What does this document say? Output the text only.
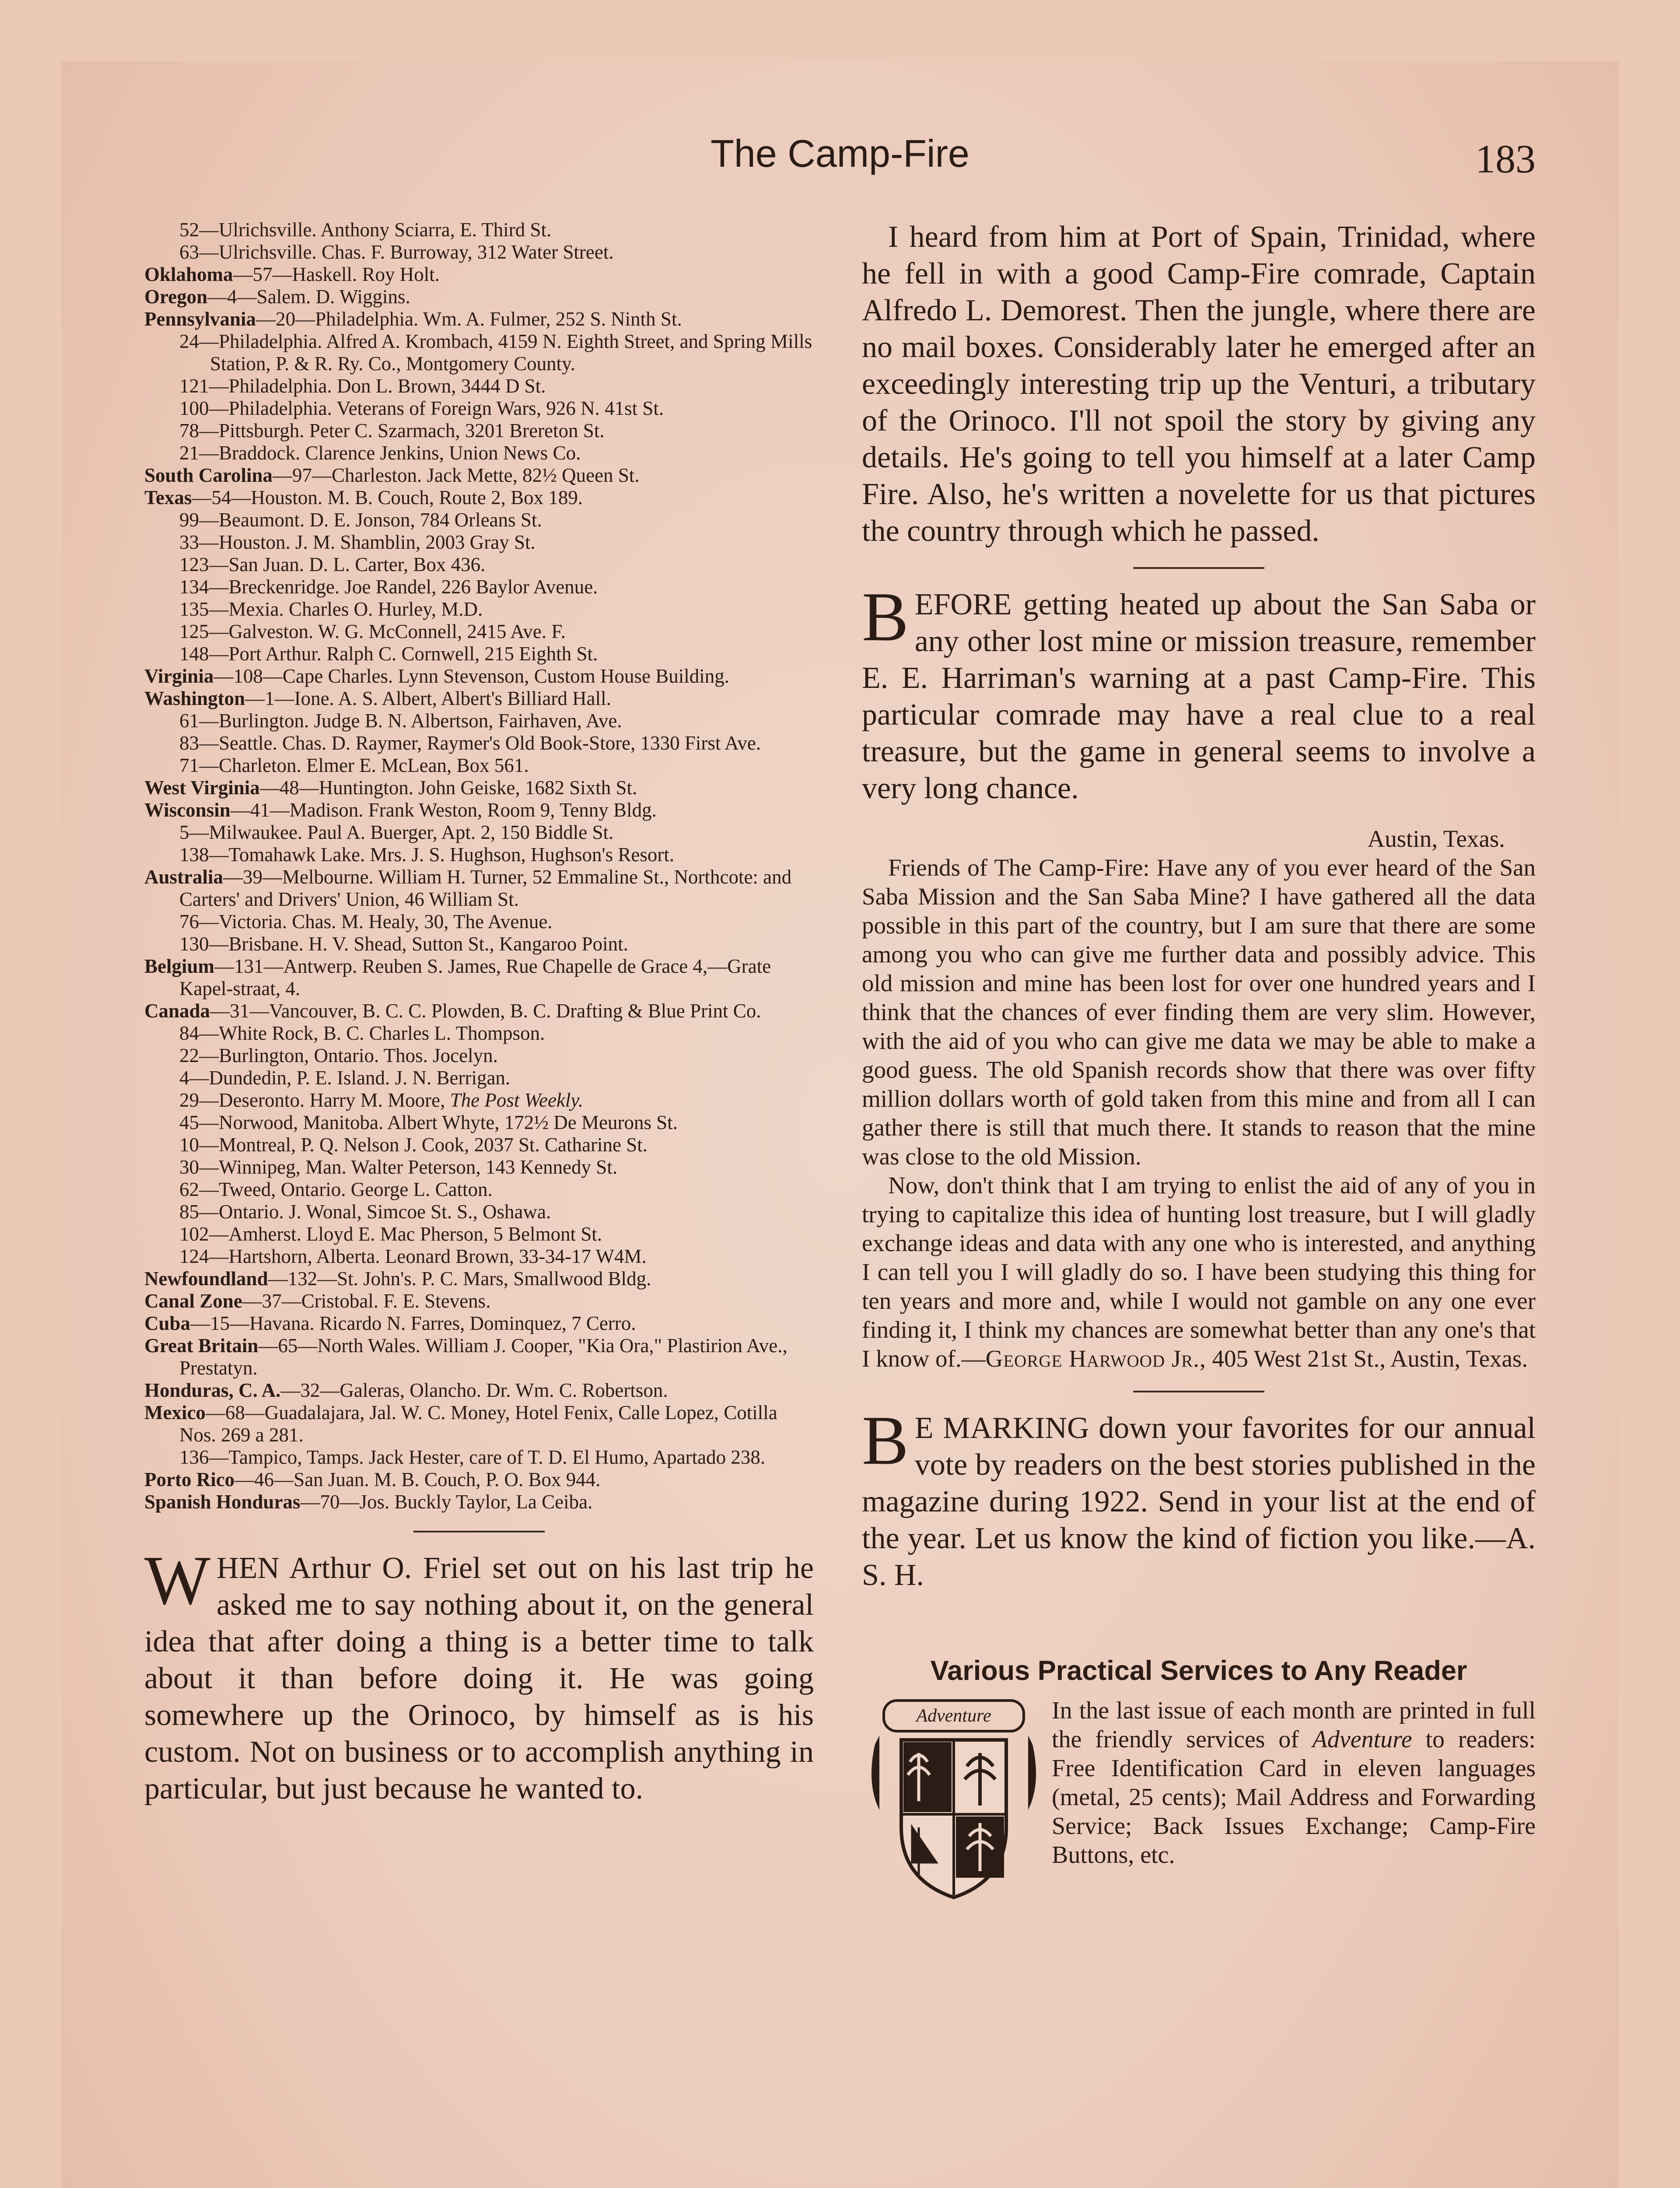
The Camp-Fire	183

52—Ulrichsville. Anthony Sciarra, E. Third St.

63—Ulrichsville. Chas. F. Burroway, 312 Water Street.

Oklahoma—57—Haskell. Roy Holt.

Oregon—4—Salem. D. Wiggins.

Pennsylvania—20—Philadelphia. Wm. A. Fulmer, 252 S. Ninth St.

24—Philadelphia. Alfred A. Krombach, 4159 N. Eighth Street, and Spring Mills Station, P. & R. Ry. Co., Montgomery County.

121—Philadelphia. Don L. Brown, 3444 D St.

100—Philadelphia. Veterans of Foreign Wars, 926 N. 41st St.

78—Pittsburgh. Peter C. Szarmach, 3201 Brereton St.

21—Braddock. Clarence Jenkins, Union News Co.

South Carolina—97—Charleston. Jack Mette, 82½ Queen St.

Texas—54—Houston. M. B. Couch, Route 2, Box 189.

99—Beaumont. D. E. Jonson, 784 Orleans St.

33—Houston. J. M. Shamblin, 2003 Gray St.

123—San Juan. D. L. Carter, Box 436.

134—Breckenridge. Joe Randel, 226 Baylor Avenue.

135—Mexia. Charles O. Hurley, M.D.

125—Galveston. W. G. McConnell, 2415 Ave. F.

148—Port Arthur. Ralph C. Cornwell, 215 Eighth St.

Virginia—108—Cape Charles. Lynn Stevenson, Custom House Building.

Washington—1—Ione. A. S. Albert, Albert's Billiard Hall.

61—Burlington. Judge B. N. Albertson, Fairhaven, Ave.

83—Seattle. Chas. D. Raymer, Raymer's Old Book-Store, 1330 First Ave.

71—Charleton. Elmer E. McLean, Box 561.

West Virginia—48—Huntington. John Geiske, 1682 Sixth St.

Wisconsin—41—Madison. Frank Weston, Room 9, Tenny Bldg.

5—Milwaukee. Paul A. Buerger, Apt. 2, 150 Biddle St.

138—Tomahawk Lake. Mrs. J. S. Hughson, Hughson's Resort.

Australia—39—Melbourne. William H. Turner, 52 Emmaline St., Northcote: and Carters' and Drivers' Union, 46 William St.

76—Victoria. Chas. M. Healy, 30, The Avenue.

130—Brisbane. H. V. Shead, Sutton St., Kangaroo Point.

Belgium—131—Antwerp. Reuben S. James, Rue Chapelle de Grace 4,—Grate Kapel-straat, 4.

Canada—31—Vancouver, B. C. C. Plowden, B. C. Drafting & Blue Print Co.

84—White Rock, B. C. Charles L. Thompson.

22—Burlington, Ontario. Thos. Jocelyn.

4—Dundedin, P. E. Island. J. N. Berrigan.

29—Deseronto. Harry M. Moore, The Post Weekly.

45—Norwood, Manitoba. Albert Whyte, 172½ De Meurons St.

10—Montreal, P. Q. Nelson J. Cook, 2037 St. Catharine St.

30—Winnipeg, Man. Walter Peterson, 143 Kennedy St.

62—Tweed, Ontario. George L. Catton.

85—Ontario. J. Wonal, Simcoe St. S., Oshawa.

102—Amherst. Lloyd E. Mac Pherson, 5 Belmont St.

124—Hartshorn, Alberta. Leonard Brown, 33-34-17 W4M.

Newfoundland—132—St. John's. P. C. Mars, Smallwood Bldg.

Canal Zone—37—Cristobal. F. E. Stevens.

Cuba—15—Havana. Ricardo N. Farres, Dominquez, 7 Cerro.

Great Britain—65—North Wales. William J. Cooper, "Kia Ora," Plastirion Ave., Prestatyn.

Honduras, C. A.—32—Galeras, Olancho. Dr. Wm. C. Robertson.

Mexico—68—Guadalajara, Jal. W. C. Money, Hotel Fenix, Calle Lopez, Cotilla Nos. 269 a 281.

136—Tampico, Tamps. Jack Hester, care of T. D. El Humo, Apartado 238.

Porto Rico—46—San Juan. M. B. Couch, P. O. Box 944.

Spanish Honduras—70—Jos. Buckly Taylor, La Ceiba.

WHEN Arthur O. Friel set out on his last trip he asked me to say nothing about it, on the general idea that after doing a thing is a better time to talk about it than before doing it. He was going somewhere up the Orinoco, by himself as is his custom. Not on business or to accomplish anything in particular, but just because he wanted to.

I heard from him at Port of Spain, Trinidad, where he fell in with a good Camp-Fire comrade, Captain Alfredo L. Demorest. Then the jungle, where there are no mail boxes. Considerably later he emerged after an exceedingly interesting trip up the Venturi, a tributary of the Orinoco. I'll not spoil the story by giving any details. He's going to tell you himself at a later Camp Fire. Also, he's written a novelette for us that pictures the country through which he passed.

BEFORE getting heated up about the San Saba or any other lost mine or mission treasure, remember E. E. Harriman's warning at a past Camp-Fire. This particular comrade may have a real clue to a real treasure, but the game in general seems to involve a very long chance.

Austin, Texas.

Friends of The Camp-Fire: Have any of you ever heard of the San Saba Mission and the San Saba Mine? I have gathered all the data possible in this part of the country, but I am sure that there are some among you who can give me further data and possibly advice. This old mission and mine has been lost for over one hundred years and I think that the chances of ever finding them are very slim. However, with the aid of you who can give me data we may be able to make a good guess. The old Spanish records show that there was over fifty million dollars worth of gold taken from this mine and from all I can gather there is still that much there. It stands to reason that the mine was close to the old Mission.

Now, don't think that I am trying to enlist the aid of any of you in trying to capitalize this idea of hunting lost treasure, but I will gladly exchange ideas and data with any one who is interested, and anything I can tell you I will gladly do so. I have been studying this thing for ten years and more and, while I would not gamble on any one ever finding it, I think my chances are somewhat better than any one's that I know of.—George Harwood Jr., 405 West 21st St., Austin, Texas.

B E MARKING down your favorites for our annual vote by readers on the best stories published in the magazine during 1922. Send in your list at the end of the year. Let us know the kind of fiction you like.—A. S. H.

Various Practical Services to Any Reader
Adventure In the last issue of each month are printed in full the friendly services of Adventure to readers: Free Identification Card in eleven languages (metal, 25 cents); Mail Address and Forwarding Service; Back Issues Exchange; Camp-Fire Buttons, etc.
